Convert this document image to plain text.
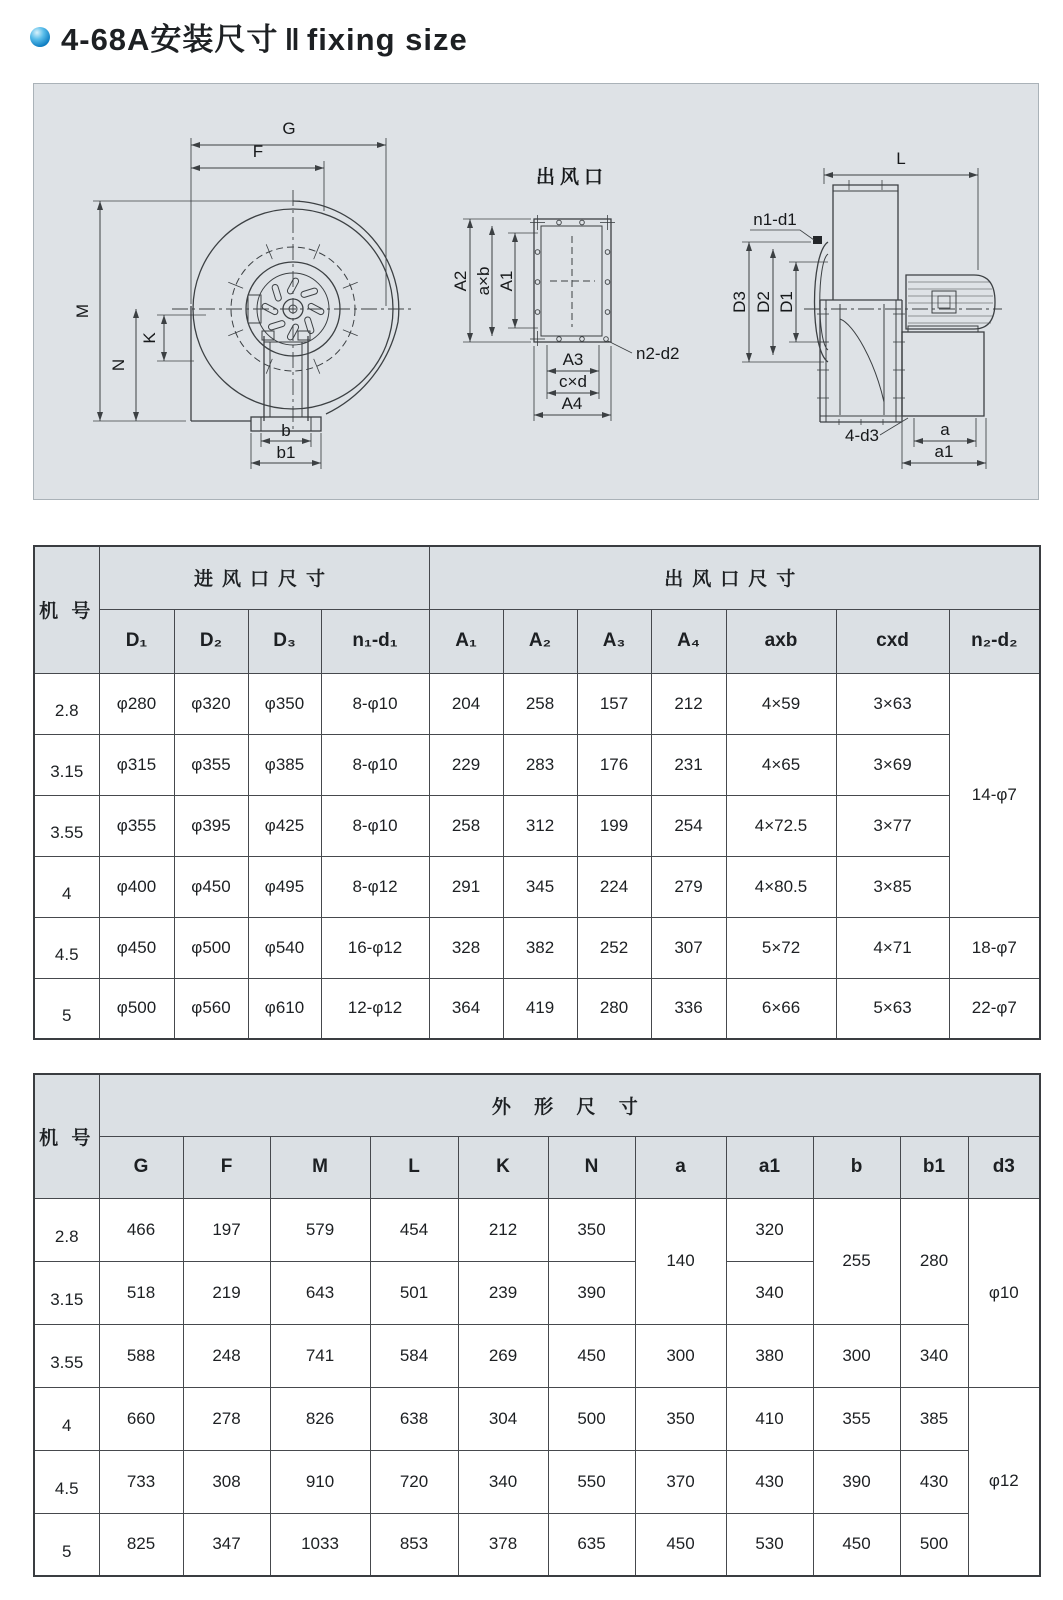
4-68A安装尺寸 ‖ fixing size
G
F
M
N
K
b
b1
出风口
A2 a×b A1
A3
c×d
A4
n2-d2
L
n1-d1
D3 D2 D1
4-d3	a
a1
机 号	进风口尺寸				出风口尺寸						
	D₁	D₂	D₃	n₁-d₁	A₁	A₂	A₃	A₄	axb	cxd	n₂-d₂
2.8	φ280	φ320	φ350	8-φ10	204	258	157	212	4×59	3×63	14-φ7
3.15	φ315	φ355	φ385	8-φ10	229	283	176	231	4×65	3×69	
3.55	φ355	φ395	φ425	8-φ10	258	312	199	254	4×72.5	3×77	
4	φ400	φ450	φ495	8-φ12	291	345	224	279	4×80.5	3×85	
4.5	φ450	φ500	φ540	16-φ12	328	382	252	307	5×72	4×71	18-φ7
5	φ500	φ560	φ610	12-φ12	364	419	280	336	6×66	5×63	22-φ7
机 号	外 形 尺 寸										
	G	F	M	L	K	N	a	a1	b	b1	d3
2.8	466	197	579	454	212	350	140	320	255	280	φ10
3.15	518	219	643	501	239	390		340			
3.55	588	248	741	584	269	450	300	380	300	340	
4	660	278	826	638	304	500	350	410	355	385	φ12
4.5	733	308	910	720	340	550	370	430	390	430	
5	825	347	1033	853	378	635	450	530	450	500	
